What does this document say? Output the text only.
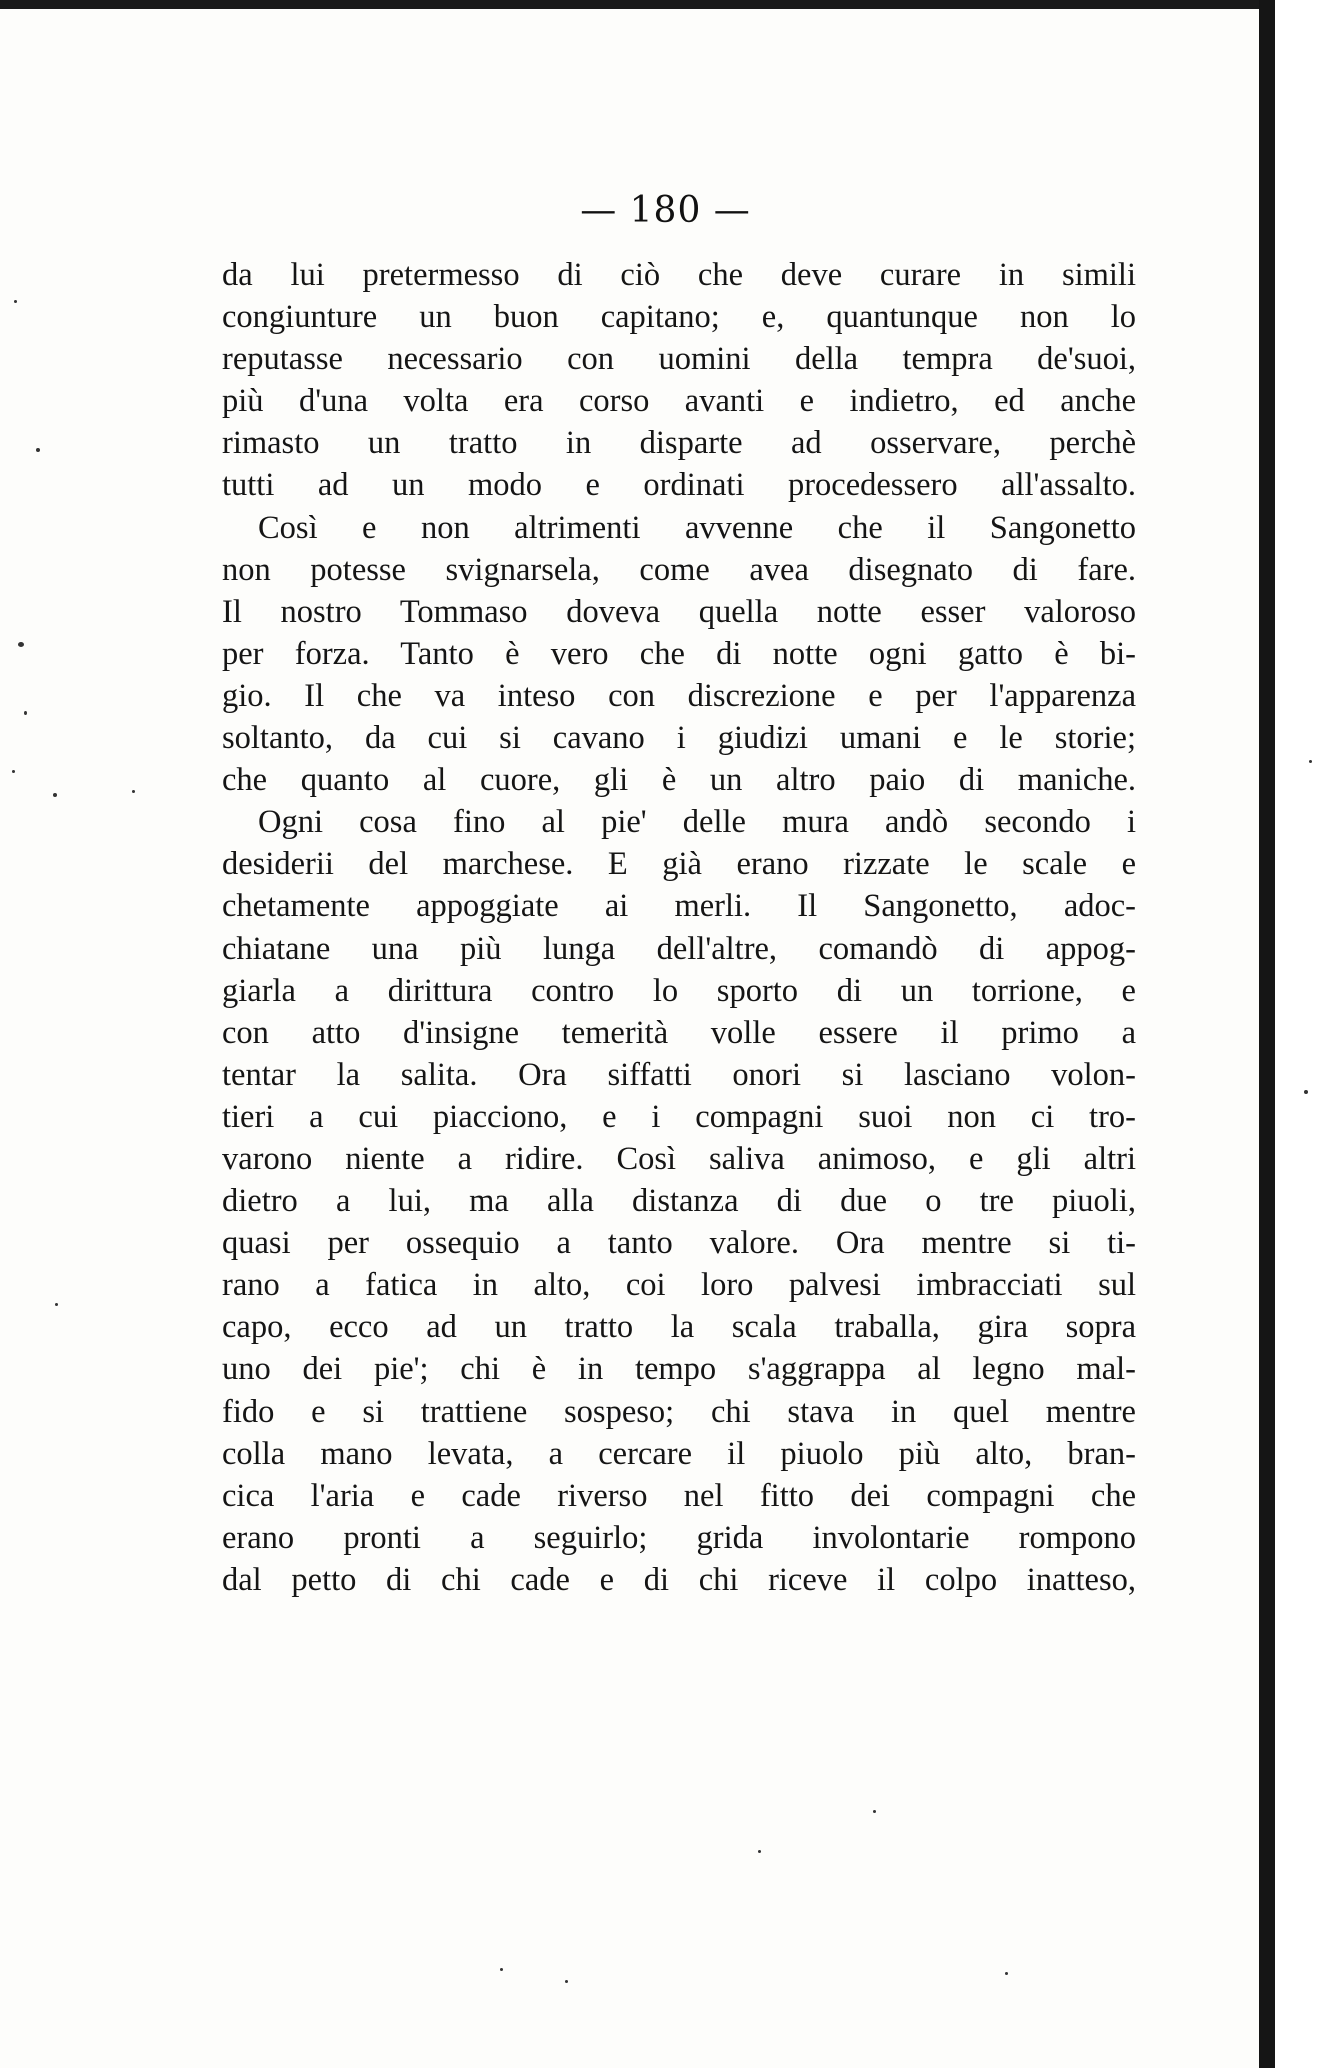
— 180 —
da lui pretermesso di ciò che deve curare in simili
congiunture un buon capitano; e, quantunque non lo
reputasse necessario con uomini della tempra de'suoi,
più d'una volta era corso avanti e indietro, ed anche
rimasto un tratto in disparte ad osservare, perchè
tutti ad un modo e ordinati procedessero all'assalto.
Così e non altrimenti avvenne che il Sangonetto
non potesse svignarsela, come avea disegnato di fare.
Il nostro Tommaso doveva quella notte esser valoroso
per forza. Tanto è vero che di notte ogni gatto è bi-
gio. Il che va inteso con discrezione e per l'apparenza
soltanto, da cui si cavano i giudizi umani e le storie;
che quanto al cuore, gli è un altro paio di maniche.
Ogni cosa fino al pie' delle mura andò secondo i
desiderii del marchese. E già erano rizzate le scale e
chetamente appoggiate ai merli. Il Sangonetto, adoc-
chiatane una più lunga dell'altre, comandò di appog-
giarla a dirittura contro lo sporto di un torrione, e
con atto d'insigne temerità volle essere il primo a
tentar la salita. Ora siffatti onori si lasciano volon-
tieri a cui piacciono, e i compagni suoi non ci tro-
varono niente a ridire. Così saliva animoso, e gli altri
dietro a lui, ma alla distanza di due o tre piuoli,
quasi per ossequio a tanto valore. Ora mentre si ti-
rano a fatica in alto, coi loro palvesi imbracciati sul
capo, ecco ad un tratto la scala traballa, gira sopra
uno dei pie'; chi è in tempo s'aggrappa al legno mal-
fido e si trattiene sospeso; chi stava in quel mentre
colla mano levata, a cercare il piuolo più alto, bran-
cica l'aria e cade riverso nel fitto dei compagni che
erano pronti a seguirlo; grida involontarie rompono
dal petto di chi cade e di chi riceve il colpo inatteso,
